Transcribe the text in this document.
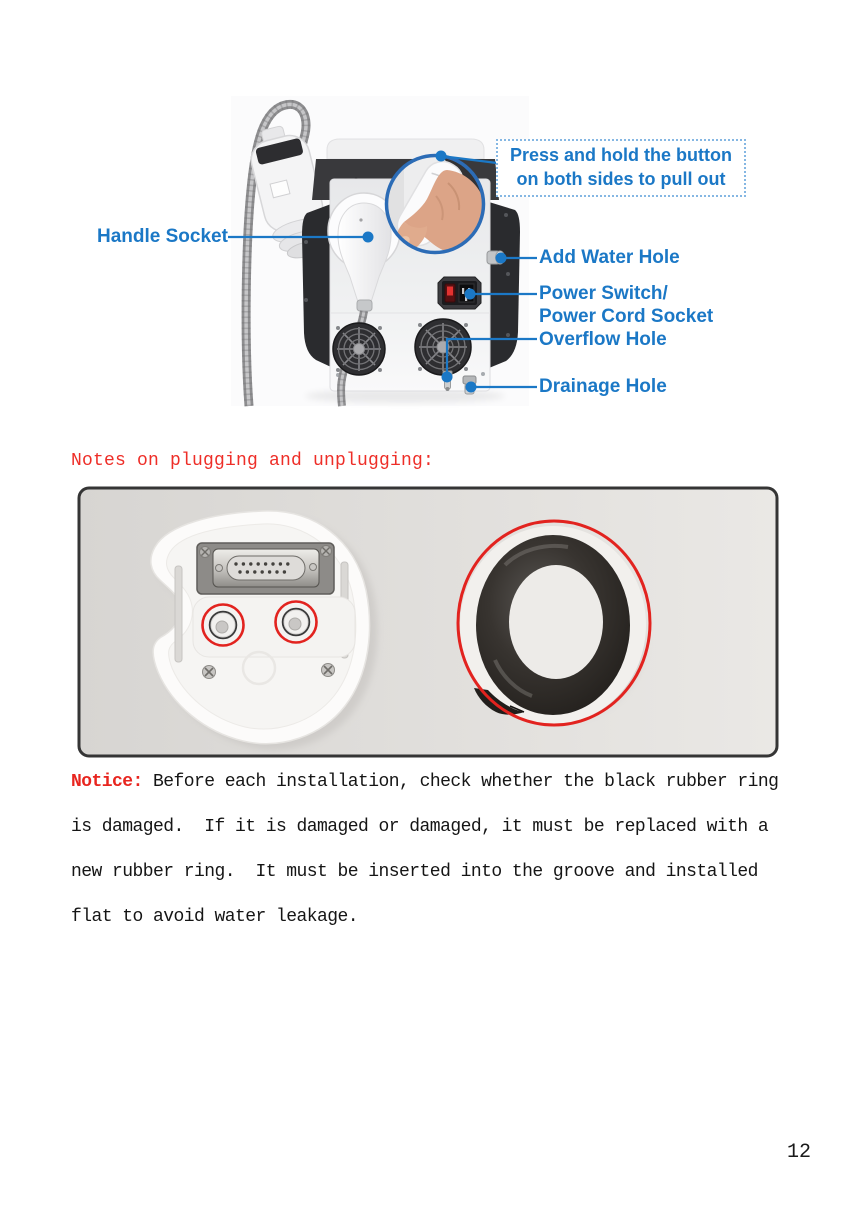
Press and hold the button
on both sides to pull out
Handle Socket
Add Water Hole
Power Switch/
Power Cord Socket
Overflow Hole
Drainage Hole
Notes on plugging and unplugging:
Notice: Before each installation, check whether the black rubber ring is damaged.  If it is damaged or damaged, it must be replaced with a new rubber ring.  It must be inserted into the groove and installed flat to avoid water leakage.
12
